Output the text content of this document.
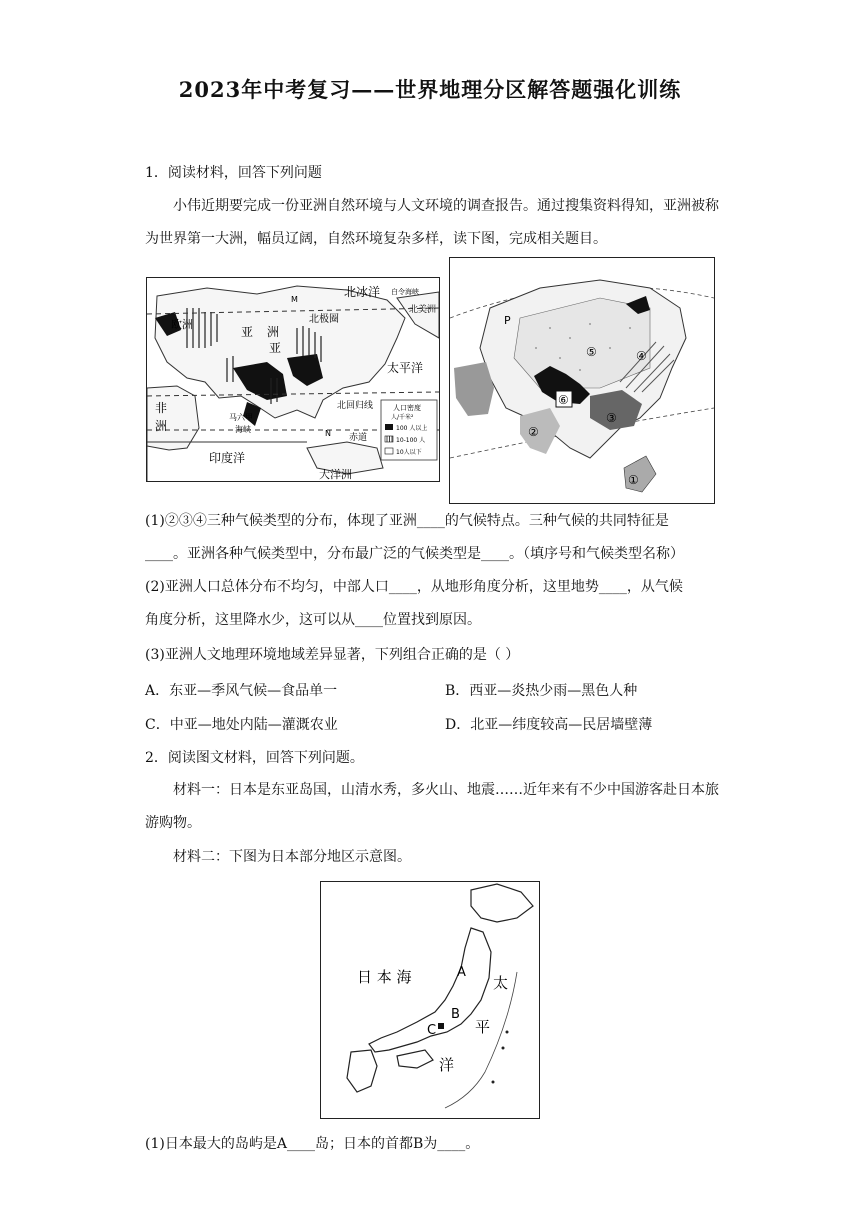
2023年中考复习——世界地理分区解答题强化训练
1．阅读材料，回答下列问题
小伟近期要完成一份亚洲自然环境与人文环境的调查报告。通过搜集资料得知，亚洲被称为世界第一大洲，幅员辽阔，自然环境复杂多样，读下图，完成相关题目。
北冰洋 白令海峡
欧洲
北美洲
北极圈
亚 洲
亚
太平洋
非
洲
马六甲
海峡
北回归线
赤道
印度洋
大洋洲
M
N
人口密度
人/千米²
100 人以上
10-100 人
10人以下
P
⑤	④
⑥
③
②
①
(1)②③④三种气候类型的分布，体现了亚洲____的气候特点。三种气候的共同特征是
____。亚洲各种气候类型中，分布最广泛的气候类型是____。（填序号和气候类型名称）
(2)亚洲人口总体分布不均匀，中部人口____，从地形角度分析，这里地势____，从气候
角度分析，这里降水少，这可以从____位置找到原因。
(3)亚洲人文地理环境地域差异显著，下列组合正确的是（ ）
A．东亚—季风气候—食品单一	B．西亚—炎热少雨—黑色人种
C．中亚—地处内陆—灌溉农业	D．北亚—纬度较高—民居墙壁薄
2．阅读图文材料，回答下列问题。
材料一：日本是东亚岛国，山清水秀，多火山、地震……近年来有不少中国游客赴日本旅游购物。
材料二：下图为日本部分地区示意图。
日 本 海	太
平
洋
A
B
C
(1)日本最大的岛屿是A____岛；日本的首都B为____。
